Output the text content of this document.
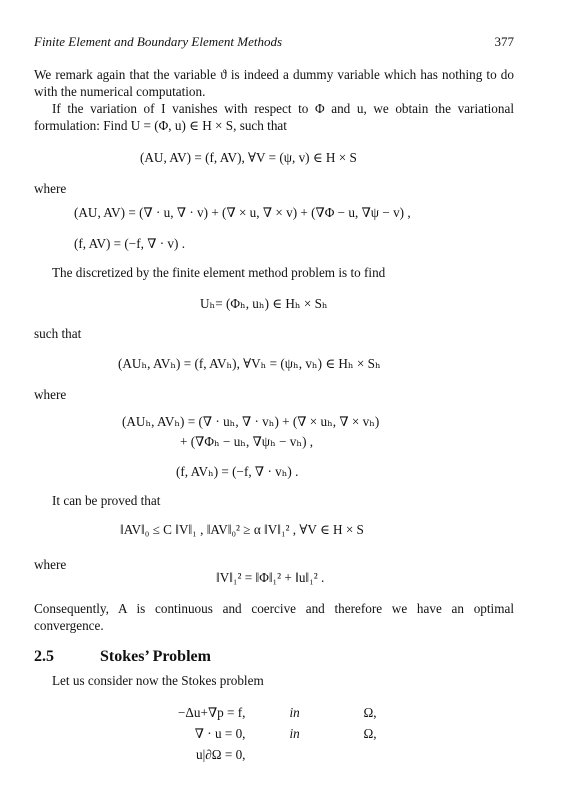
Finite Element and Boundary Element Methods	377
We remark again that the variable ϑ is indeed a dummy variable which has nothing to do with the numerical computation.
If the variation of I vanishes with respect to Φ and u, we obtain the variational formulation: Find U = (Φ, u) ∈ H × S, such that
(AU, AV) = (f, AV), ∀V = (ψ, v) ∈ H × S
where
(AU, AV) = (∇ · u, ∇ · v) + (∇ × u, ∇ × v) + (∇Φ − u, ∇ψ − v) ,
(f, AV) = (−f, ∇ · v) .
The discretized by the finite element method problem is to find
Uₕ= (Φₕ, uₕ) ∈ Hₕ × Sₕ
such that
(AUₕ, AVₕ) = (f, AVₕ), ∀Vₕ = (ψₕ, vₕ) ∈ Hₕ × Sₕ
where
(AUₕ, AVₕ) = (∇ · uₕ, ∇ · vₕ) + (∇ × uₕ, ∇ × vₕ)
+ (∇Φₕ − uₕ, ∇ψₕ − vₕ) ,
(f, AVₕ) = (−f, ∇ · vₕ) .
It can be proved that
‖AV‖₀ ≤ C ‖V‖₁ , ‖AV‖₀² ≥ α ‖V‖₁² , ∀V ∈ H × S
where
‖V‖₁² = ‖Φ‖₁² + ‖u‖₁² .
Consequently, A is continuous and coercive and therefore we have an optimal convergence.
2.5	Stokes’ Problem
Let us consider now the Stokes problem
−Δu+∇p = f,	in	Ω,
∇ · u = 0,	in	Ω,
u|∂Ω = 0,		
